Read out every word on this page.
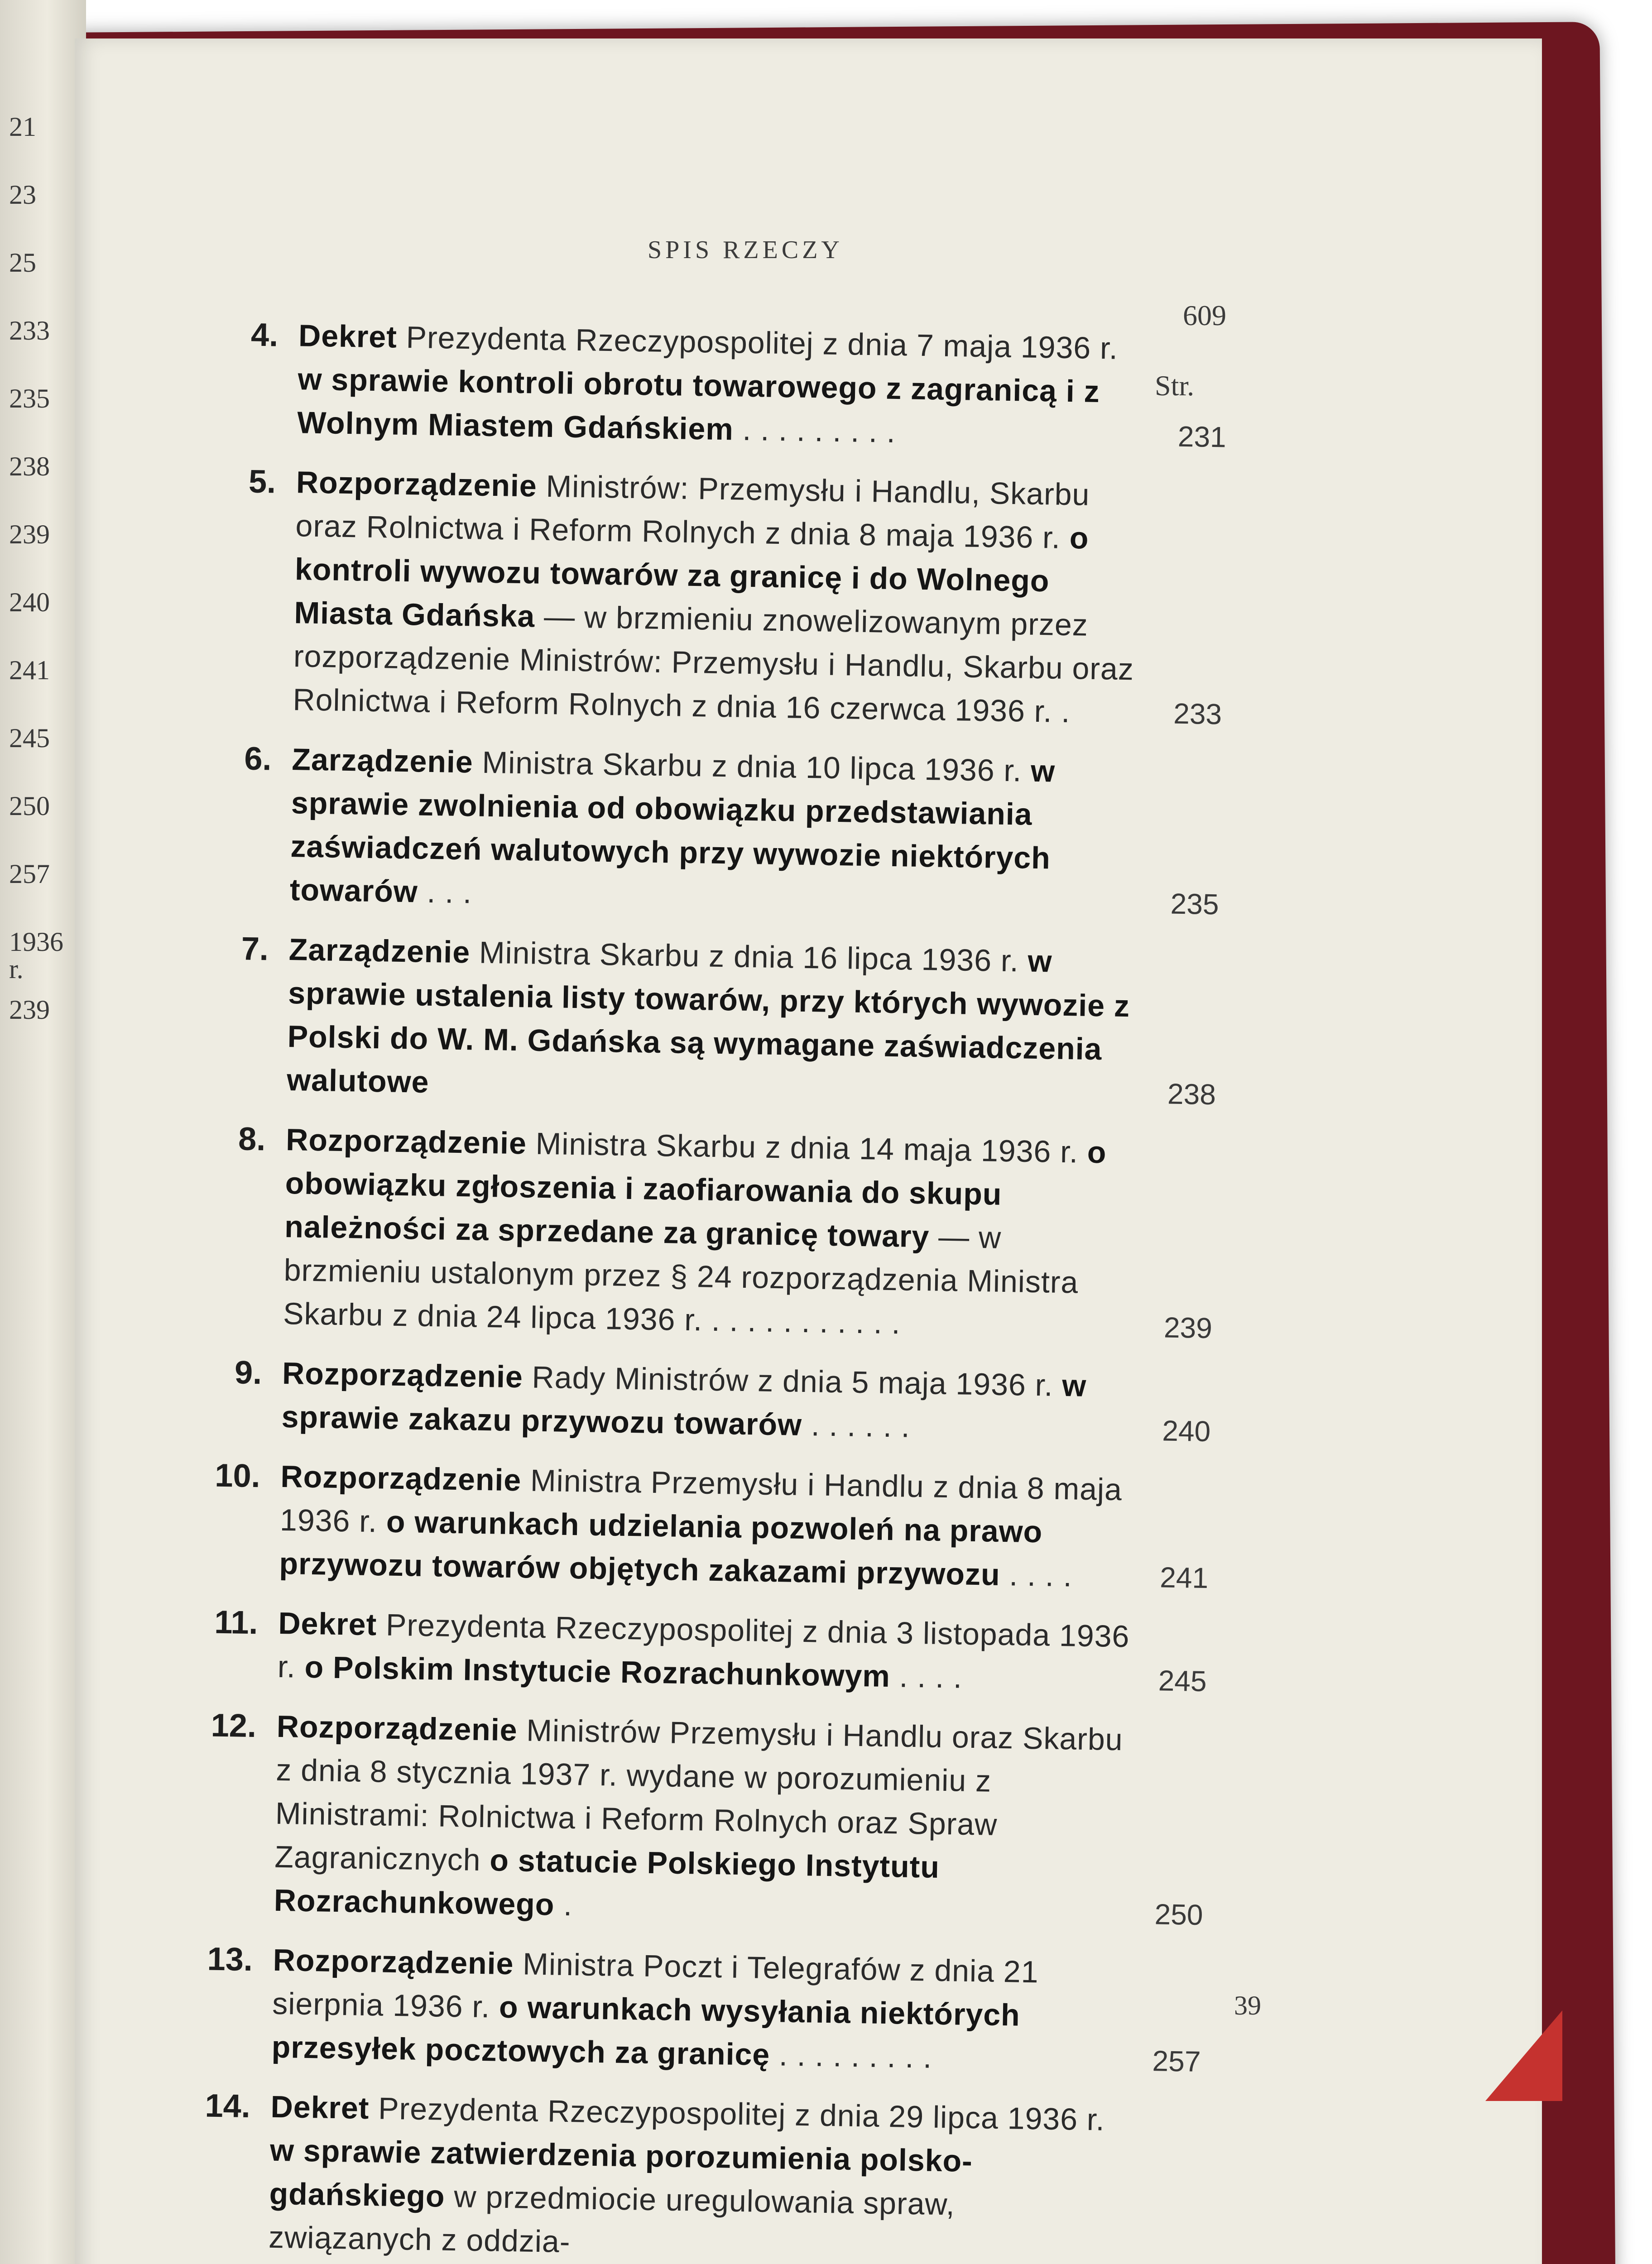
21
23
25
233
235
238
239
240
241
245
250
257
1936 r.
239
SPIS RZECZY
609
Str.
4. Dekret Prezydenta Rzeczypospolitej z dnia 7 maja 1936 r. w sprawie kontroli obrotu towarowego z zagranicą i z Wolnym Miastem Gdańskiem . . . . . . . . .	231
5. Rozporządzenie Ministrów: Przemysłu i Handlu, Skarbu oraz Rolnictwa i Reform Rolnych z dnia 8 maja 1936 r. o kontroli wywozu towarów za granicę i do Wolnego Miasta Gdańska — w brzmieniu znowelizowanym przez rozporządzenie Ministrów: Przemysłu i Handlu, Skarbu oraz Rolnictwa i Reform Rolnych z dnia 16 czerwca 1936 r. .	233
6. Zarządzenie Ministra Skarbu z dnia 10 lipca 1936 r. w sprawie zwolnienia od obowiązku przedstawiania zaświadczeń walutowych przy wywozie niektórych towarów . . .	235
7. Zarządzenie Ministra Skarbu z dnia 16 lipca 1936 r. w sprawie ustalenia listy towarów, przy których wywozie z Polski do W. M. Gdańska są wymagane zaświadczenia walutowe	238
8. Rozporządzenie Ministra Skarbu z dnia 14 maja 1936 r. o obowiązku zgłoszenia i zaofiarowania do skupu należności za sprzedane za granicę towary — w brzmieniu ustalonym przez § 24 rozporządzenia Ministra Skarbu z dnia 24 lipca 1936 r. . . . . . . . . . . .	239
9. Rozporządzenie Rady Ministrów z dnia 5 maja 1936 r. w sprawie zakazu przywozu towarów . . . . . .	240
10. Rozporządzenie Ministra Przemysłu i Handlu z dnia 8 maja 1936 r. o warunkach udzielania pozwoleń na prawo przywozu towarów objętych zakazami przywozu . . . .	241
11. Dekret Prezydenta Rzeczypospolitej z dnia 3 listopada 1936 r. o Polskim Instytucie Rozrachunkowym . . . .	245
12. Rozporządzenie Ministrów Przemysłu i Handlu oraz Skarbu z dnia 8 stycznia 1937 r. wydane w porozumieniu z Ministrami: Rolnictwa i Reform Rolnych oraz Spraw Zagranicznych o statucie Polskiego Instytutu Rozrachunkowego .	250
13. Rozporządzenie Ministra Poczt i Telegrafów z dnia 21 sierpnia 1936 r. o warunkach wysyłania niektórych przesyłek pocztowych za granicę . . . . . . . . .	257
14. Dekret Prezydenta Rzeczypospolitej z dnia 29 lipca 1936 r. w sprawie zatwierdzenia porozumienia polsko-gdańskiego w przedmiocie uregulowania spraw, związanych z oddzia-
39
